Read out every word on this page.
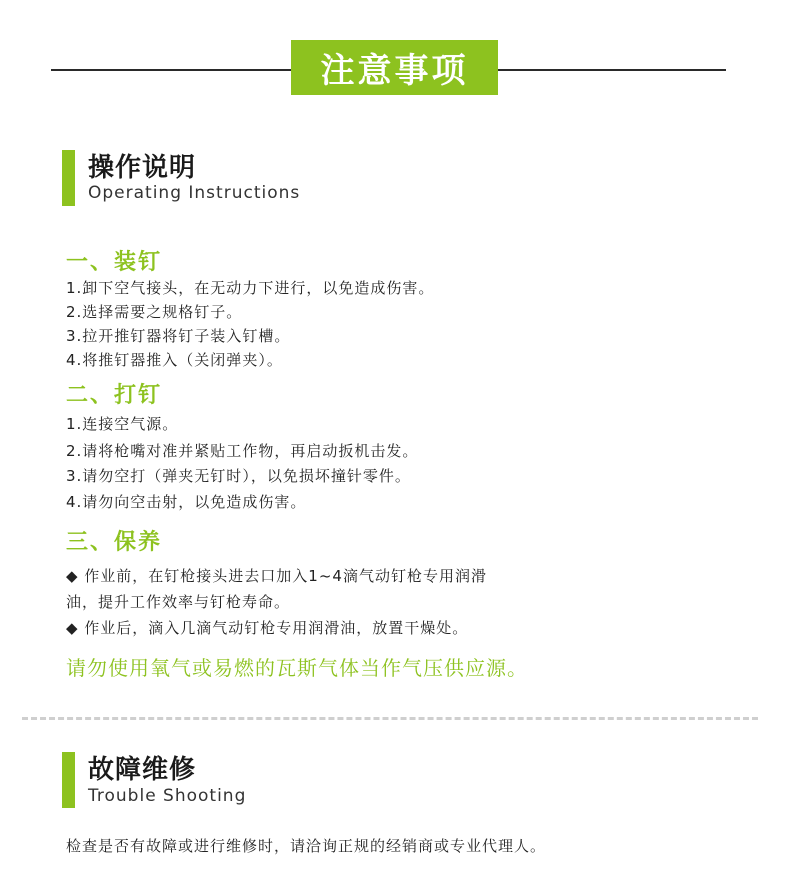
注意事项
操作说明
Operating Instructions
一、装钉
1.卸下空气接头，在无动力下进行，以免造成伤害。
2.选择需要之规格钉子。
3.拉开推钉器将钉子装入钉槽。
4.将推钉器推入（关闭弹夹）。
二、打钉
1.连接空气源。
2.请将枪嘴对准并紧贴工作物，再启动扳机击发。
3.请勿空打（弹夹无钉时），以免损坏撞针零件。
4.请勿向空击射，以免造成伤害。
三、保养
◆ 作业前，在钉枪接头进去口加入1~4滴气动钉枪专用润滑
油，提升工作效率与钉枪寿命。
◆ 作业后，滴入几滴气动钉枪专用润滑油，放置干燥处。
请勿使用氧气或易燃的瓦斯气体当作气压供应源。
故障维修
Trouble Shooting
检查是否有故障或进行维修时，请洽询正规的经销商或专业代理人。
